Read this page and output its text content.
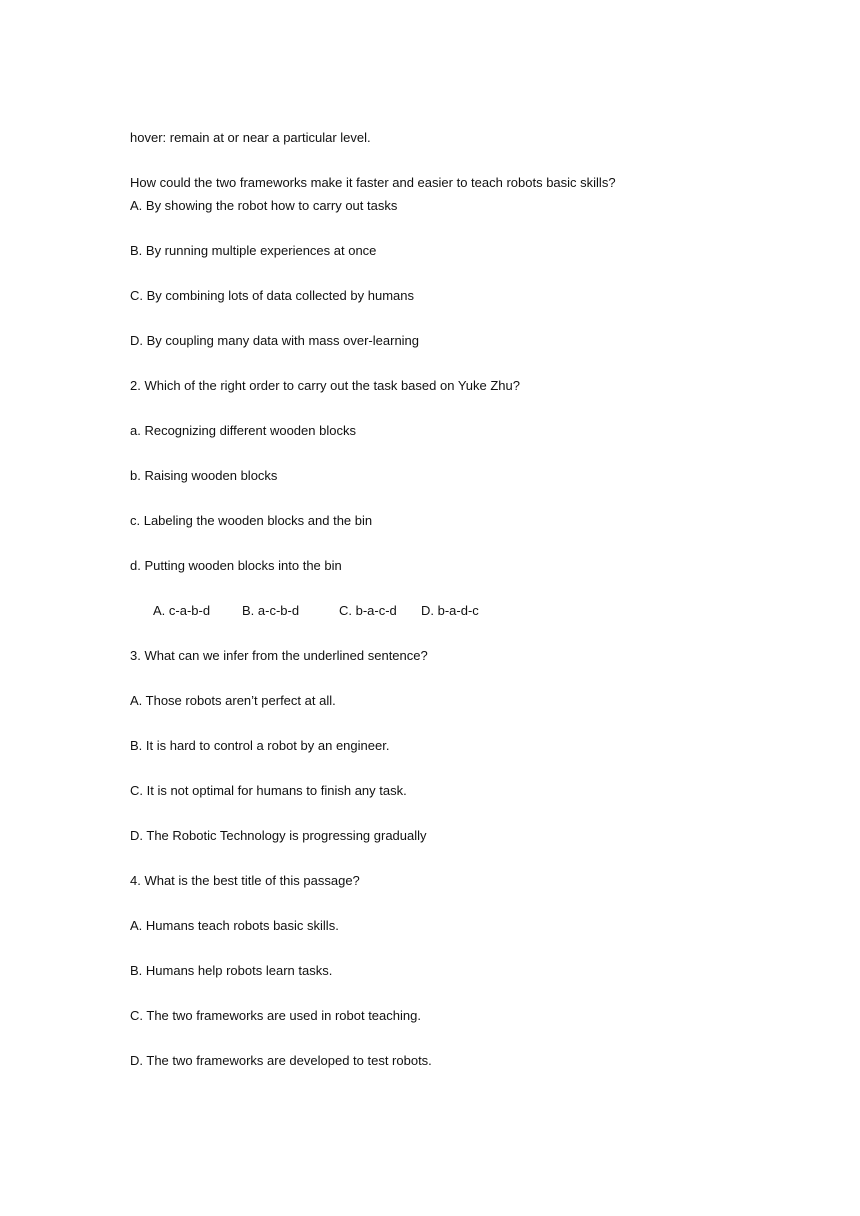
hover: remain at or near a particular level.
How could the two frameworks make it faster and easier to teach robots basic skills?
A. By showing the robot how to carry out tasks
B. By running multiple experiences at once
C. By combining lots of data collected by humans
D. By coupling many data with mass over-learning
2. Which of the right order to carry out the task based on Yuke Zhu?
a. Recognizing different wooden blocks
b. Raising wooden blocks
c. Labeling the wooden blocks and the bin
d. Putting wooden blocks into the bin
A. c-a-b-d B. a-c-b-d	C. b-a-c-d D. b-a-d-c
3. What can we infer from the underlined sentence?
A. Those robots aren’t perfect at all.
B. It is hard to control a robot by an engineer.
C. It is not optimal for humans to finish any task.
D. The Robotic Technology is progressing gradually
4. What is the best title of this passage?
A. Humans teach robots basic skills.
B. Humans help robots learn tasks.
C. The two frameworks are used in robot teaching.
D. The two frameworks are developed to test robots.
